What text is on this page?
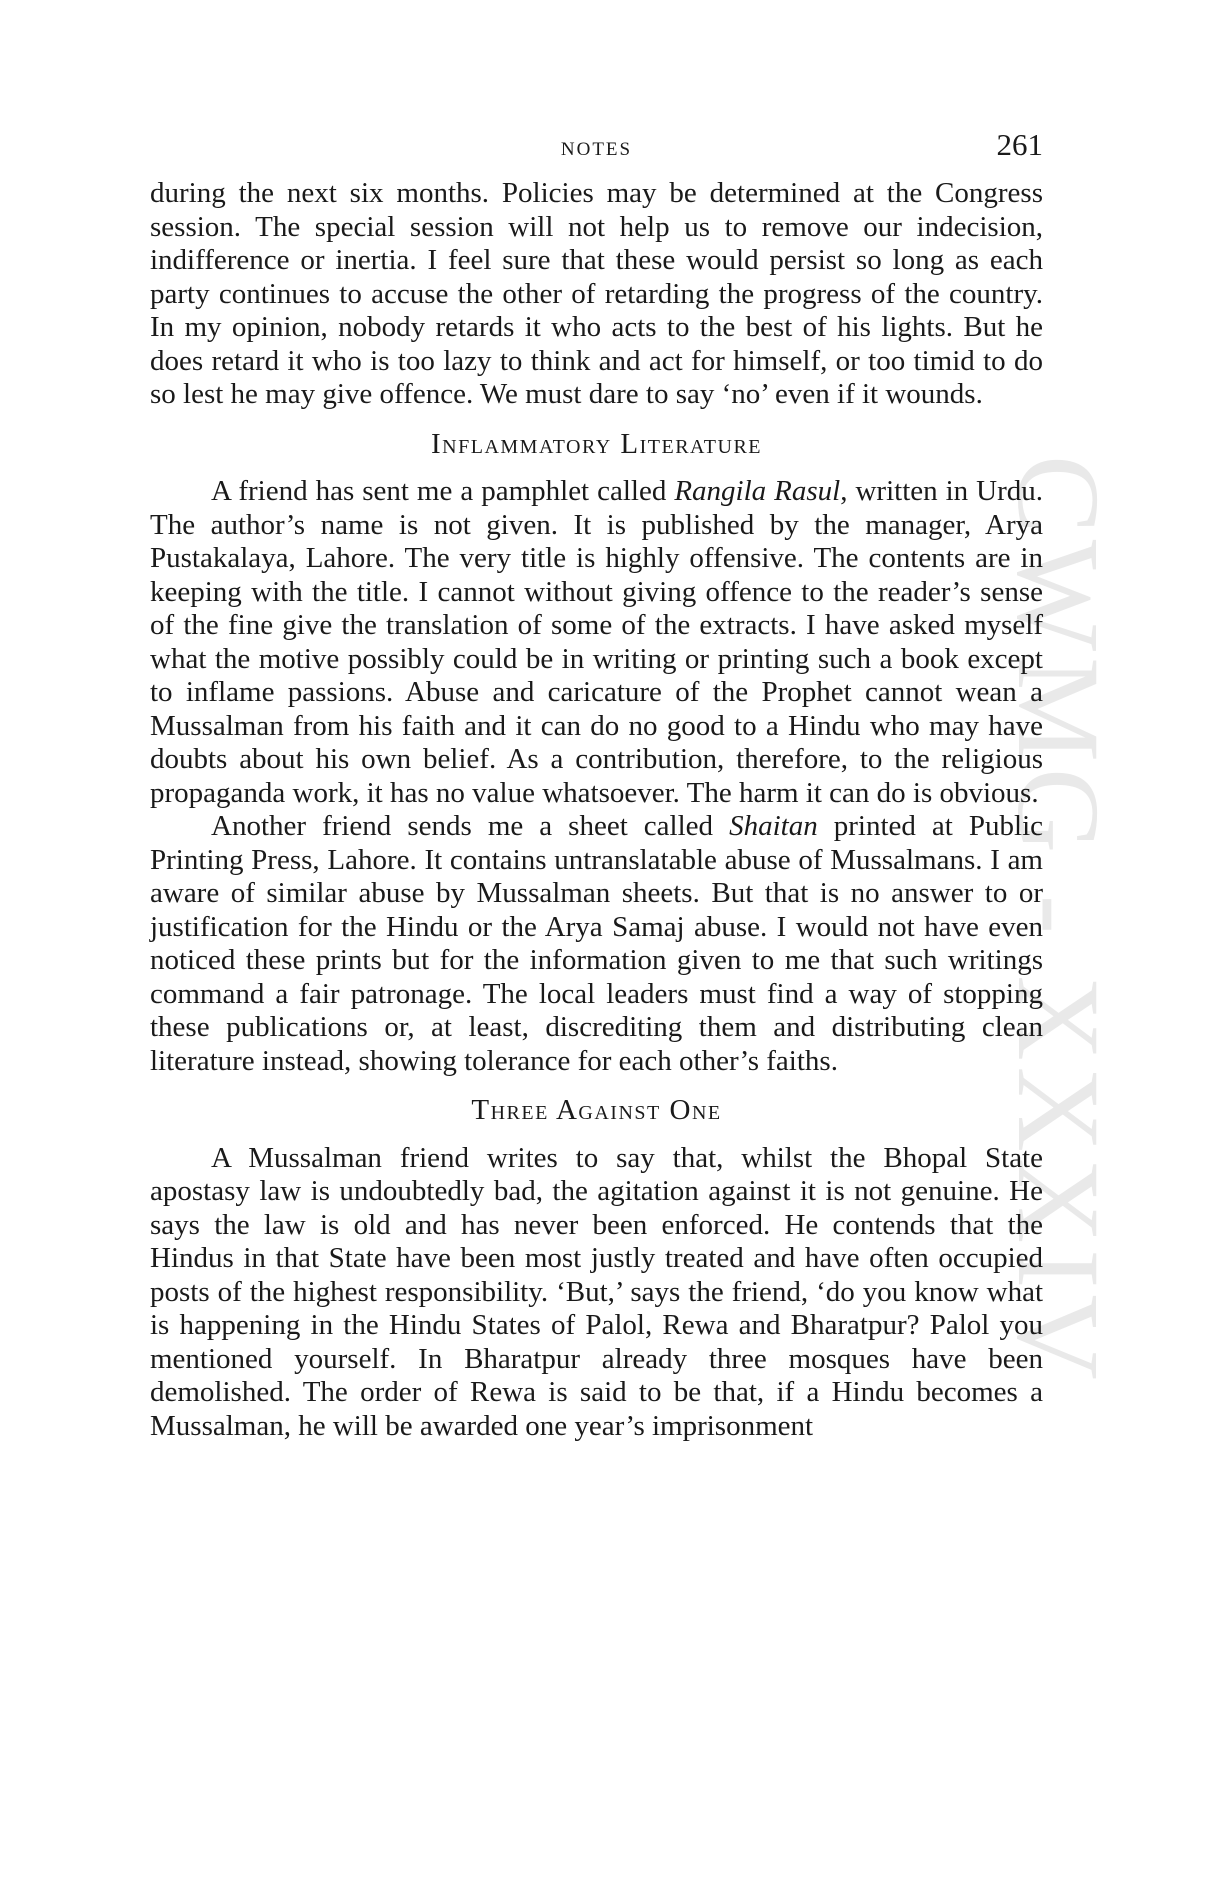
CWMG - XXXIV
NOTES	261

during the next six months. Policies may be determined at the Congress session. The special session will not help us to remove our indecision, indifference or inertia. I feel sure that these would persist so long as each party continues to accuse the other of retarding the progress of the country. In my opinion, nobody retards it who acts to the best of his lights. But he does retard it who is too lazy to think and act for himself, or too timid to do so lest he may give offence. We must dare to say ‘no’ even if it wounds.

Inflammatory Literature

A friend has sent me a pamphlet called Rangila Rasul, written in Urdu. The author’s name is not given. It is published by the manager, Arya Pustakalaya, Lahore. The very title is highly offensive. The contents are in keeping with the title. I cannot without giving offence to the reader’s sense of the fine give the translation of some of the extracts. I have asked myself what the motive possibly could be in writing or printing such a book except to inflame passions. Abuse and caricature of the Prophet cannot wean a Mussalman from his faith and it can do no good to a Hindu who may have doubts about his own belief. As a contribution, therefore, to the religious propaganda work, it has no value whatsoever. The harm it can do is obvious.

Another friend sends me a sheet called Shaitan printed at Public Printing Press, Lahore. It contains untranslatable abuse of Mussalmans. I am aware of similar abuse by Mussalman sheets. But that is no answer to or justification for the Hindu or the Arya Samaj abuse. I would not have even noticed these prints but for the information given to me that such writings command a fair patronage. The local leaders must find a way of stopping these publications or, at least, discrediting them and distributing clean literature instead, showing tolerance for each other’s faiths.

Three Against One

A Mussalman friend writes to say that, whilst the Bhopal State apostasy law is undoubtedly bad, the agitation against it is not genuine. He says the law is old and has never been enforced. He contends that the Hindus in that State have been most justly treated and have often occupied posts of the highest responsibility. ‘But,’ says the friend, ‘do you know what is happening in the Hindu States of Palol, Rewa and Bharatpur? Palol you mentioned yourself. In Bharatpur already three mosques have been demolished. The order of Rewa is said to be that, if a Hindu becomes a Mussalman, he will be awarded one year’s imprisonment
